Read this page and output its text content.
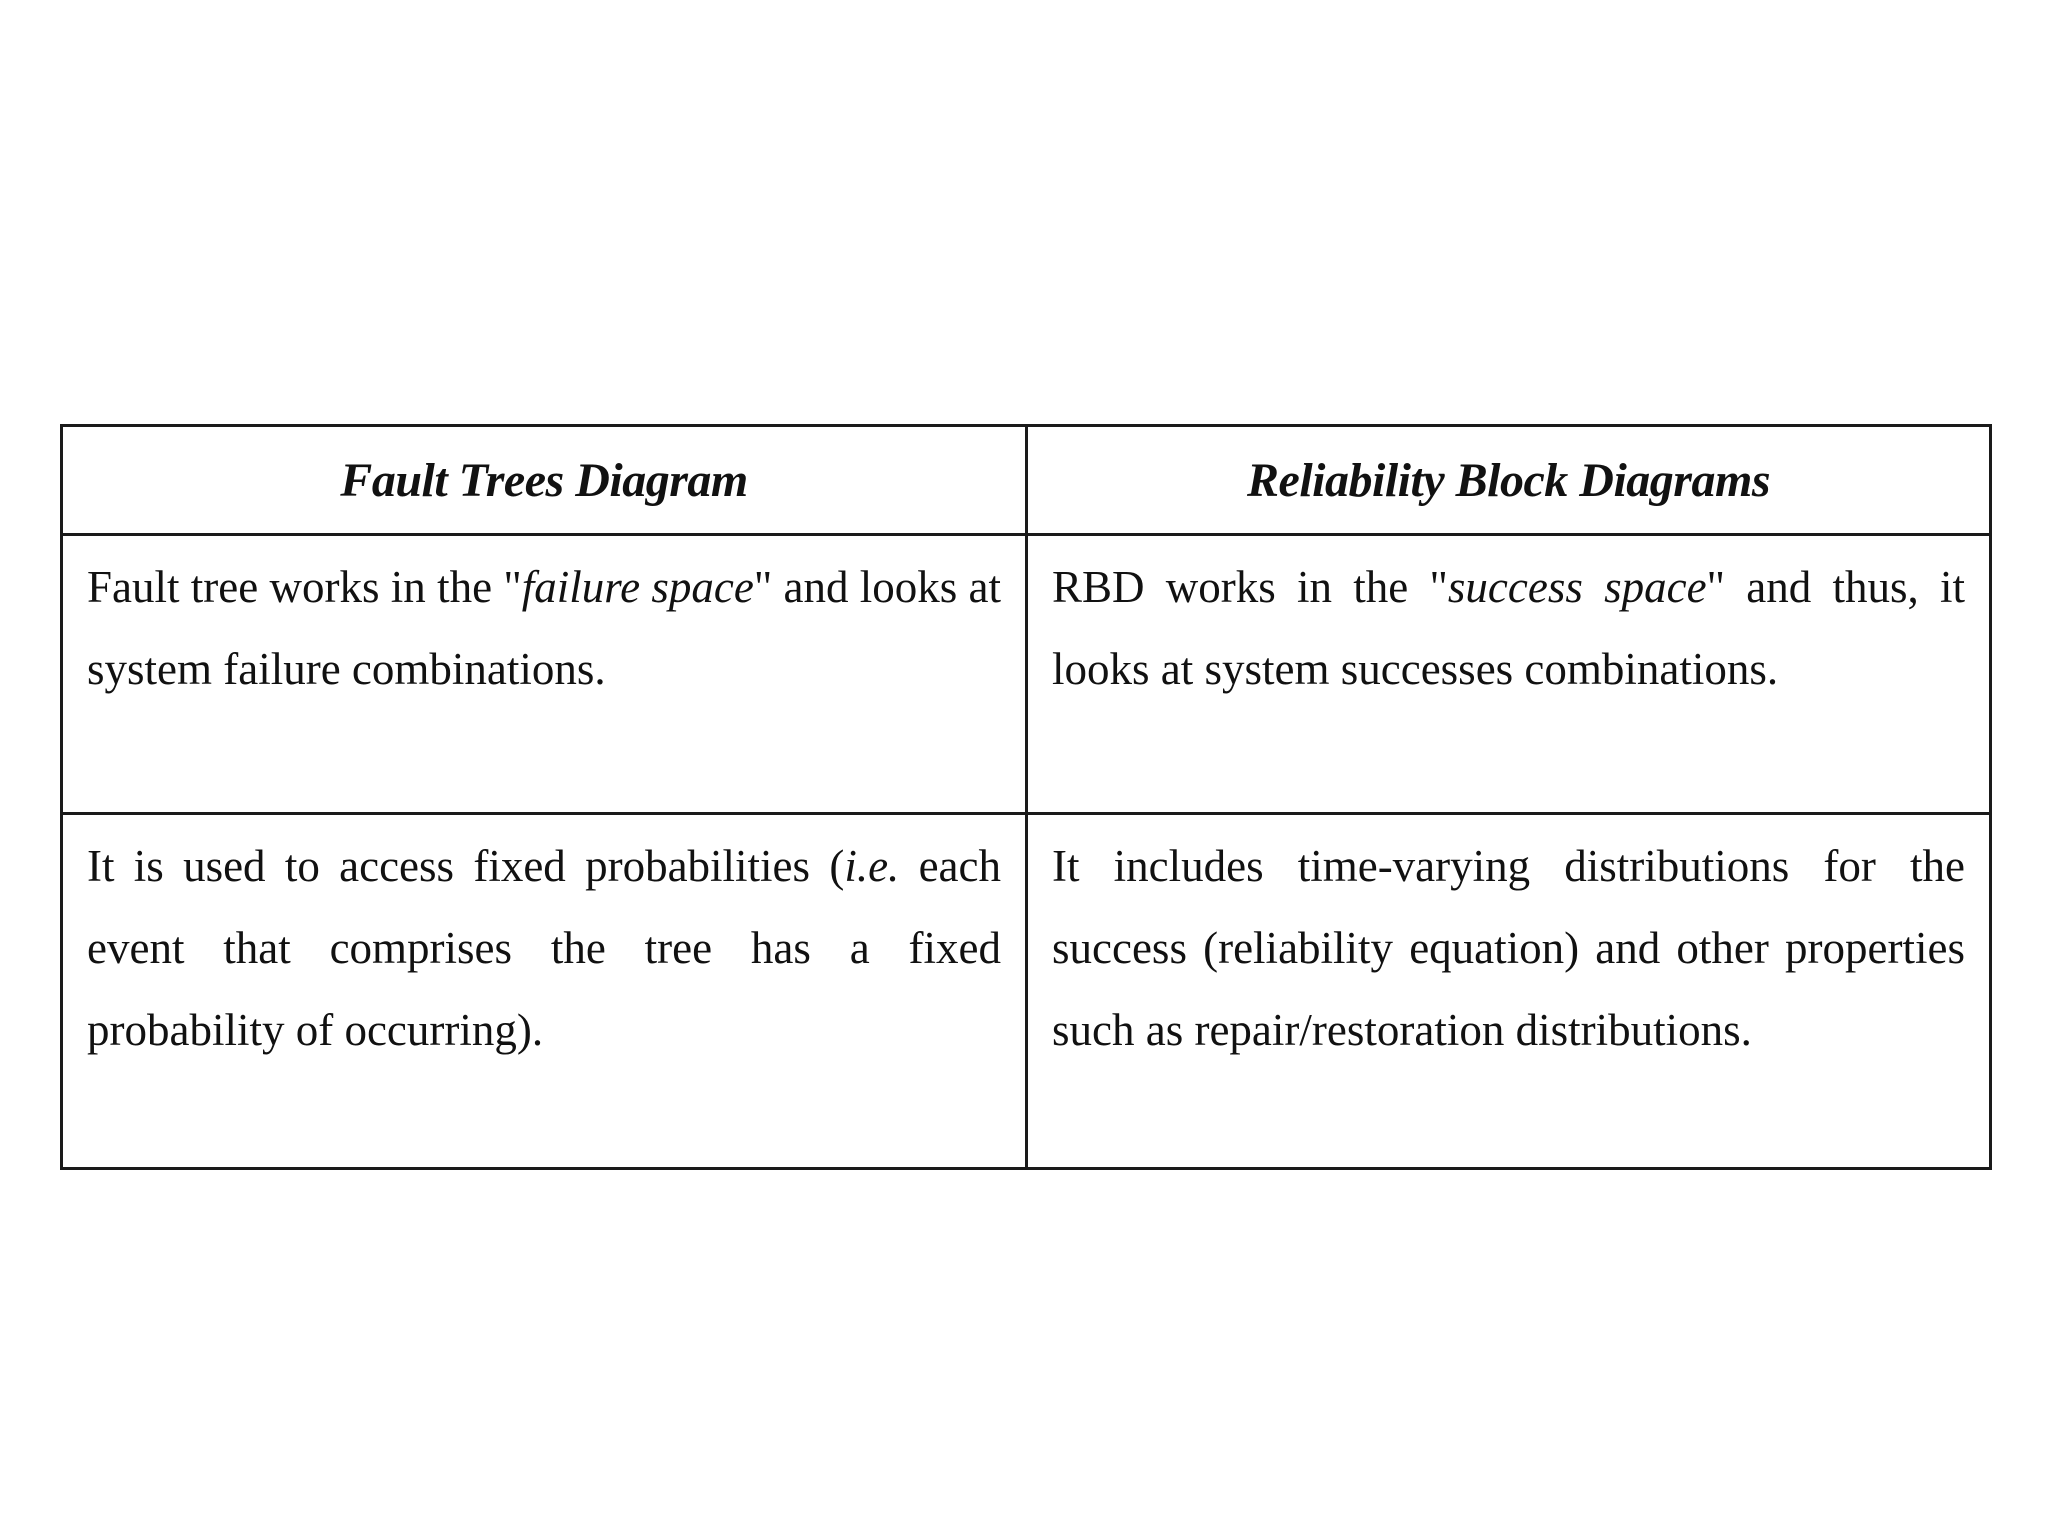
Fault Trees Diagram	Reliability Block Diagrams

Fault tree works in the "failure space" and looks at system failure combinations.	RBD works in the "success space" and thus, it looks at system successes combinations.

It is used to access fixed probabilities (i.e. each event that comprises the tree has a fixed probability of occurring).	It includes time-varying distributions for the success (reliability equation) and other properties such as repair/restoration distributions.
